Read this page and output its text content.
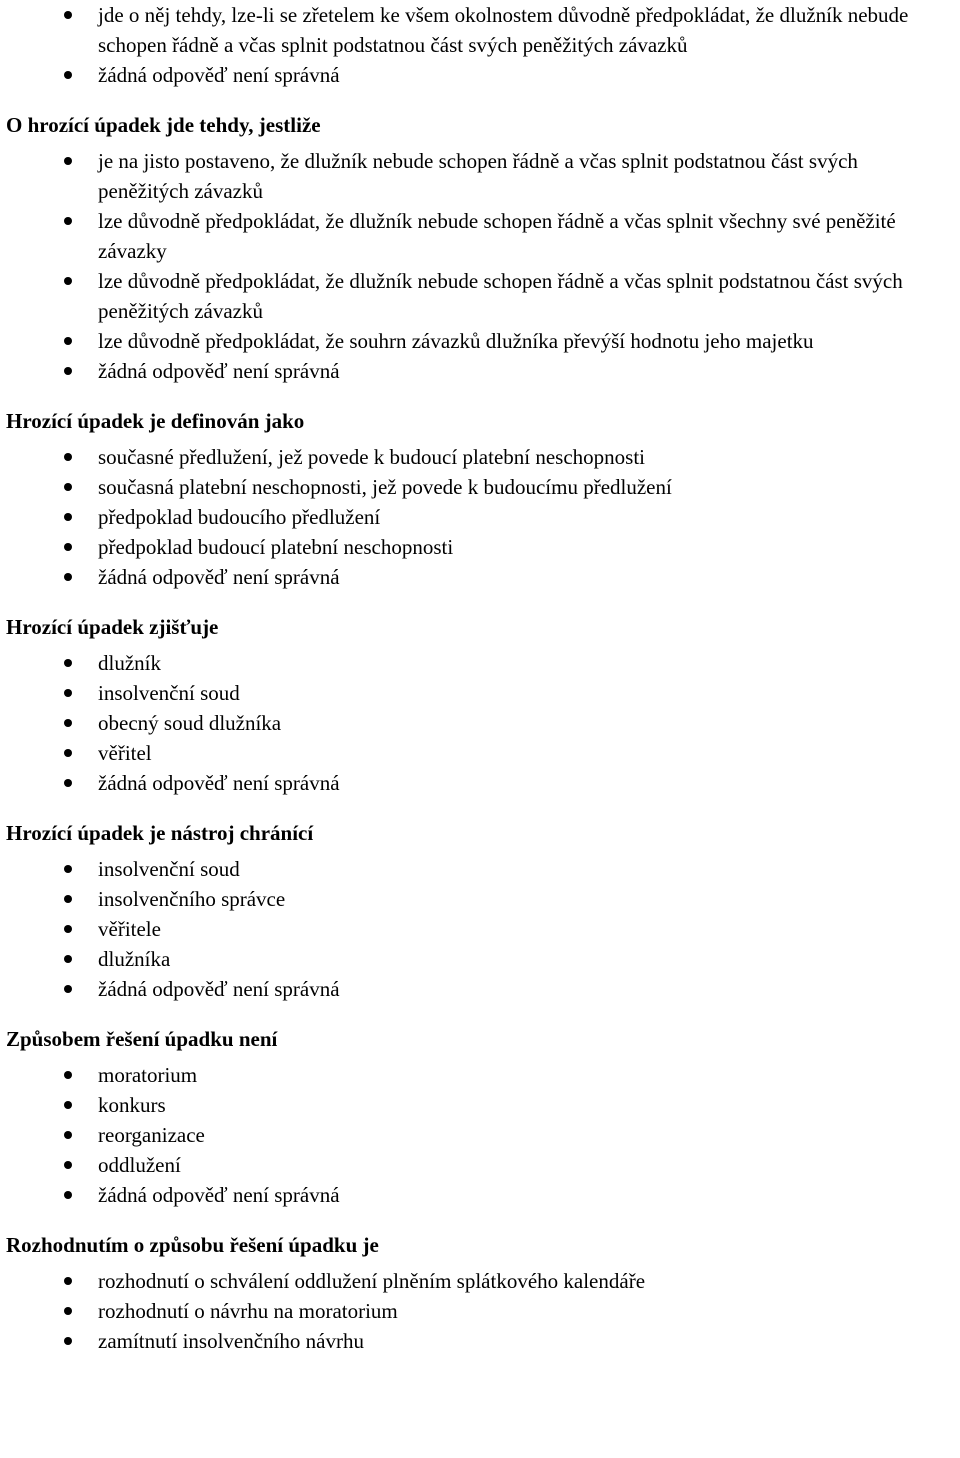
jde o něj tehdy, lze-li se zřetelem ke všem okolnostem důvodně předpokládat, že dlužník nebude schopen řádně a včas splnit podstatnou část svých peněžitých závazků
žádná odpověď není správná
O hrozící úpadek jde tehdy, jestliže
je na jisto postaveno, že dlužník nebude schopen řádně a včas splnit podstatnou část svých peněžitých závazků
lze důvodně předpokládat, že dlužník nebude schopen řádně a včas splnit všechny své peněžité závazky
lze důvodně předpokládat, že dlužník nebude schopen řádně a včas splnit podstatnou část svých peněžitých závazků
lze důvodně předpokládat, že souhrn závazků dlužníka převýší hodnotu jeho majetku
žádná odpověď není správná
Hrozící úpadek je definován jako
současné předlužení, jež povede k budoucí platební neschopnosti
současná platební neschopnosti, jež povede k budoucímu předlužení
předpoklad budoucího předlužení
předpoklad budoucí platební neschopnosti
žádná odpověď není správná
Hrozící úpadek zjišťuje
dlužník
insolvenční soud
obecný soud dlužníka
věřitel
žádná odpověď není správná
Hrozící úpadek je nástroj chránící
insolvenční soud
insolvenčního správce
věřitele
dlužníka
žádná odpověď není správná
Způsobem řešení úpadku není
moratorium
konkurs
reorganizace
oddlužení
žádná odpověď není správná
Rozhodnutím o způsobu řešení úpadku je
rozhodnutí o schválení oddlužení plněním splátkového kalendáře
rozhodnutí o návrhu na moratorium
zamítnutí insolvenčního návrhu
